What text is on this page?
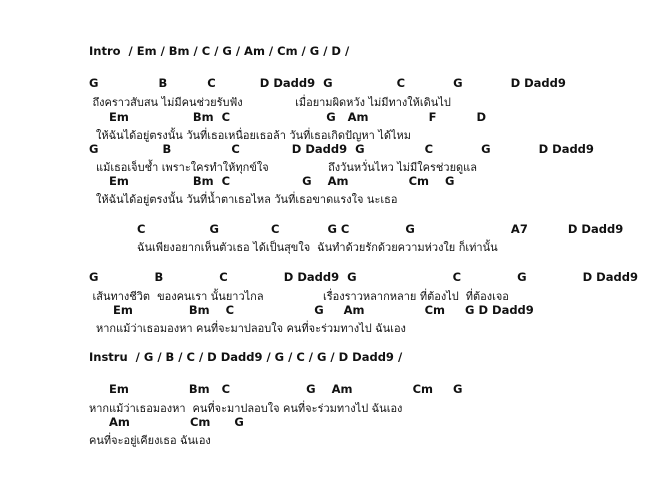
Intro  / Em / Bm / C / G / Am / Cm / G / D /
G               B          C           D Dadd9  G                C            G            D Dadd9
ถึงคราวสับสน ไม่มีคนช่วยรับฟัง               เมื่อยามผิดหวัง ไม่มีทางให้เดินไป
Em                Bm  C                        G   Am               F          D
ให้ฉันได้อยู่ตรงนั้น วันที่เธอเหนื่อยเธอล้า วันที่เธอเกิดปัญหา ได้ไหม
G                B               C             D Dadd9  G               C            G            D Dadd9
แม้เธอเจ็บช้ำ เพราะใครทำให้ทุกข์ใจ                 ถึงวันหวั่นไหว ไม่มีใครช่วยดูแล
Em                Bm  C                  G    Am               Cm    G
ให้ฉันได้อยู่ตรงนั้น วันที่น้ำตาเธอไหล วันที่เธอขาดแรงใจ นะเธอ
C                G             C            G C              G                        A7          D Dadd9
ฉันเพียงอยากเห็นตัวเธอ ได้เป็นสุขใจ  ฉันทำด้วยรักด้วยความห่วงใย ก็เท่านั้น
G              B              C              D Dadd9  G                        C              G              D Dadd9
เส้นทางชีวิต  ของคนเรา นั้นยาวไกล                 เรื่องราวหลากหลาย ที่ต้องไป  ที่ต้องเจอ
Em              Bm    C                    G     Am               Cm     G D Dadd9
หากแม้ว่าเธอมองหา คนที่จะมาปลอบใจ คนที่จะร่วมทางไป ฉันเอง
Instru  / G / B / C / D Dadd9 / G / C / G / D Dadd9 /
Em               Bm   C                   G    Am               Cm     G
หากแม้ว่าเธอมองหา  คนที่จะมาปลอบใจ คนที่จะร่วมทางไป ฉันเอง
Am               Cm      G
คนที่จะอยู่เคียงเธอ ฉันเอง
